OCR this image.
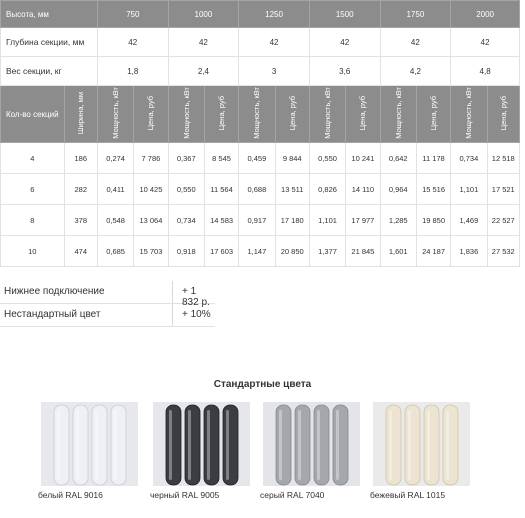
Высота, мм		750		1000		1250		1500		1750		2000	
Глубина секции, мм		42		42		42		42		42		42	
Вес секции, кг		1,8		2,4		3		3,6		4,2		4,8	
Кол-во секций	Ширина, мм	Мощность, кВт	Цена, руб	Мощность, кВт	Цена, руб	Мощность, кВт	Цена, руб	Мощность, кВт	Цена, руб	Мощность, кВт	Цена, руб	Мощность, кВт	Цена, руб
4	186	0,274	7 786	0,367	8 545	0,459	9 844	0,550	10 241	0,642	11 178	0,734	12 518
6	282	0,411	10 425	0,550	11 564	0,688	13 511	0,826	14 110	0,964	15 516	1,101	17 521
8	378	0,548	13 064	0,734	14 583	0,917	17 180	1,101	17 977	1,285	19 850	1,469	22 527
10	474	0,685	15 703	0,918	17 603	1,147	20 850	1,377	21 845	1,601	24 187	1,836	27 532
Нижнее подключение	+ 1 832 р.
Нестандартный цвет	+ 10%
Стандартные цвета
белый RAL 9016	черный RAL 9005	серый RAL 7040	бежевый RAL 1015
